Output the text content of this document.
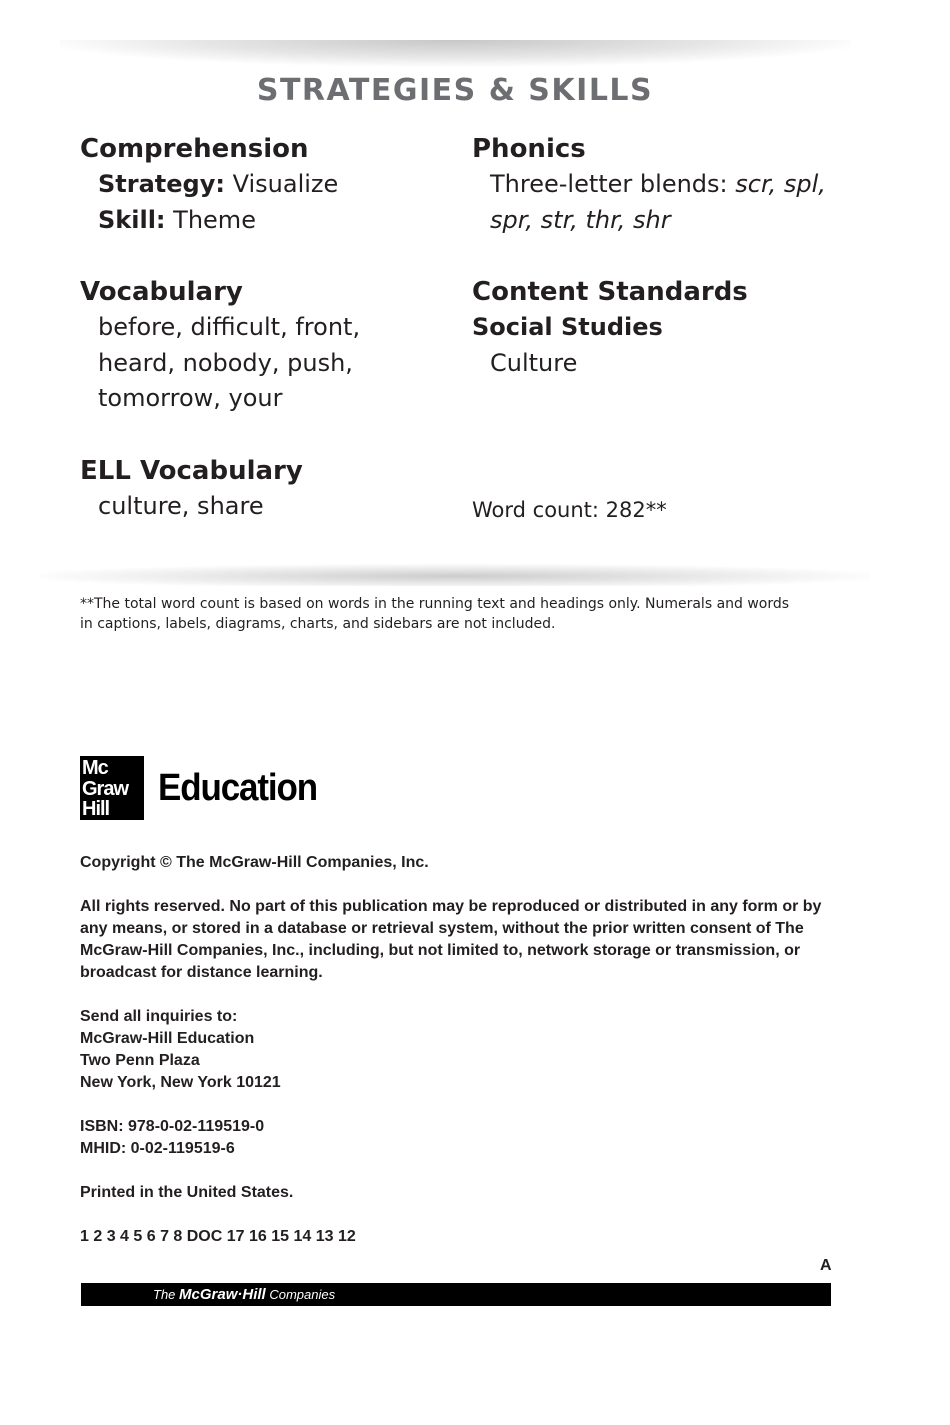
STRATEGIES & SKILLS
Comprehension
Strategy: Visualize
Skill: Theme
Vocabulary
before, difficult, front,
heard, nobody, push,
tomorrow, your
ELL Vocabulary
culture, share
Phonics
Three-letter blends: scr, spl,
spr, str, thr, shr
Content Standards
Social Studies
Culture
Word count: 282**
**The total word count is based on words in the running text and headings only. Numerals and words
in captions, labels, diagrams, charts, and sidebars are not included.
Mc
Graw
Hill
Education

Copyright © The McGraw-Hill Companies, Inc.

All rights reserved. No part of this publication may be reproduced or distributed in any form or by
any means, or stored in a database or retrieval system, without the prior written consent of The
McGraw-Hill Companies, Inc., including, but not limited to, network storage or transmission, or
broadcast for distance learning.

Send all inquiries to:
McGraw-Hill Education
Two Penn Plaza
New York, New York 10121

ISBN: 978-0-02-119519-0
MHID: 0-02-119519-6

Printed in the United States.

1 2 3 4 5 6 7 8 DOC 17 16 15 14 13 12

A
The McGraw·Hill Companies
